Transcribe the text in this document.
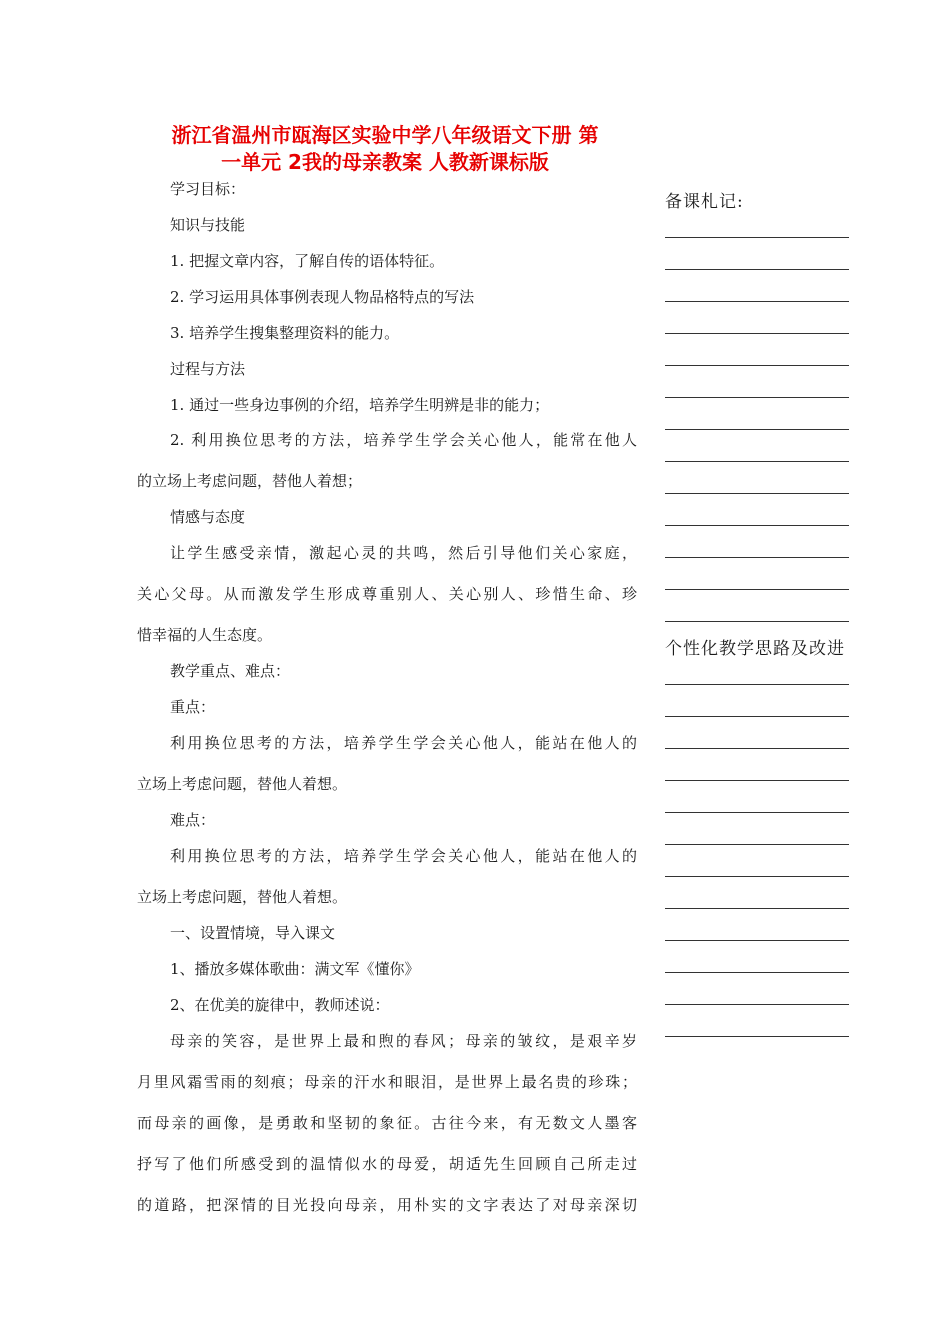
浙江省温州市瓯海区实验中学八年级语文下册 第
一单元 2我的母亲教案 人教新课标版
学习目标：
知识与技能
1. 把握文章内容，了解自传的语体特征。
2. 学习运用具体事例表现人物品格特点的写法
3. 培养学生搜集整理资料的能力。
过程与方法
1. 通过一些身边事例的介绍，培养学生明辨是非的能力；
2. 利用换位思考的方法，培养学生学会关心他人，能常在他人
的立场上考虑问题，替他人着想；
情感与态度
让学生感受亲情，激起心灵的共鸣，然后引导他们关心家庭，
关心父母。从而激发学生形成尊重别人、关心别人、珍惜生命、珍
惜幸福的人生态度。
教学重点、难点：
重点：
利用换位思考的方法，培养学生学会关心他人，能站在他人的
立场上考虑问题，替他人着想。
难点：
利用换位思考的方法，培养学生学会关心他人，能站在他人的
立场上考虑问题，替他人着想。
一、设置情境，导入课文
1、播放多媒体歌曲：满文军《懂你》
2、在优美的旋律中，教师述说：
母亲的笑容，是世界上最和煦的春风；母亲的皱纹，是艰辛岁
月里风霜雪雨的刻痕；母亲的汗水和眼泪，是世界上最名贵的珍珠；
而母亲的画像，是勇敢和坚韧的象征。古往今来，有无数文人墨客
抒写了他们所感受到的温情似水的母爱，胡适先生回顾自己所走过
的道路，把深情的目光投向母亲，用朴实的文字表达了对母亲深切
备课札记:
个性化教学思路及改进
